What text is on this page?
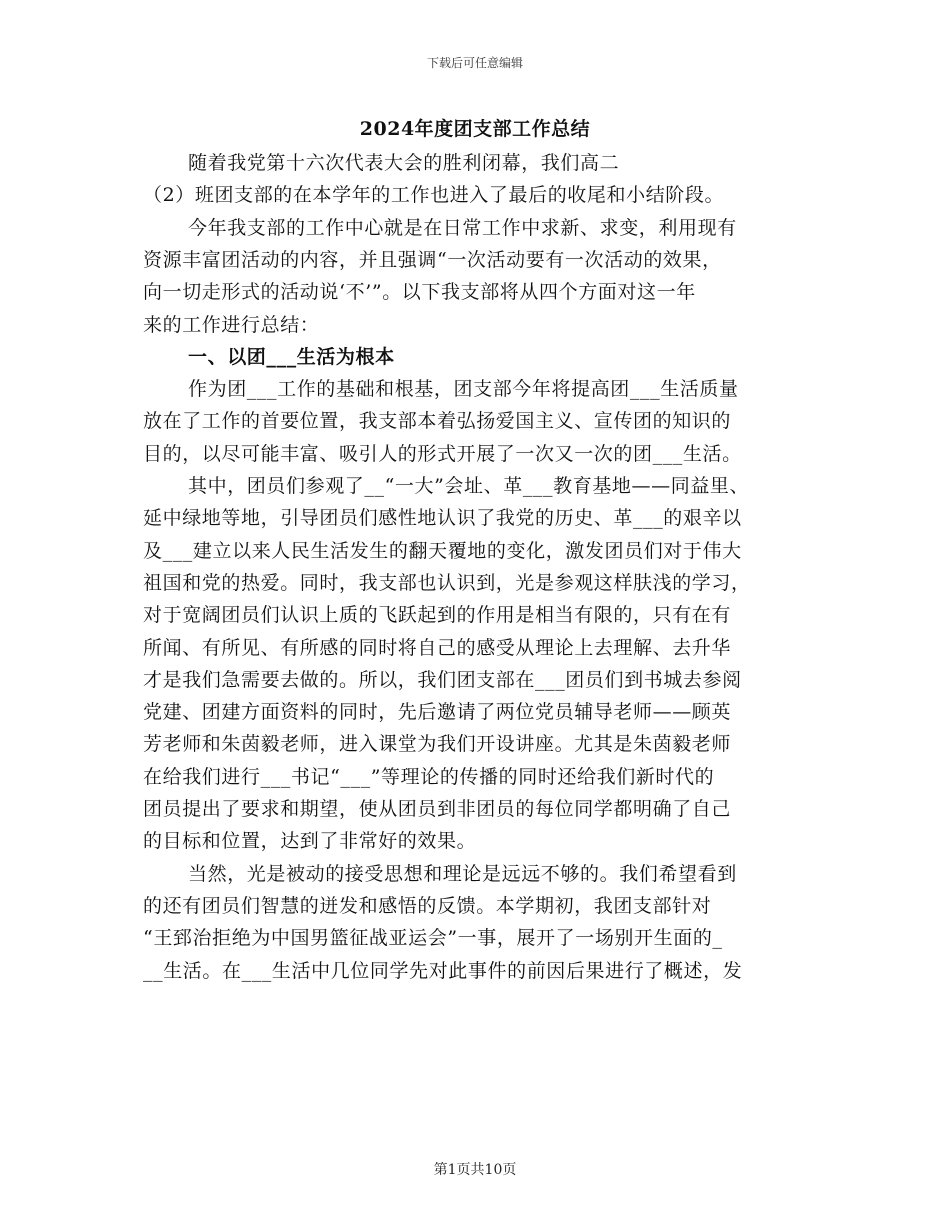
下载后可任意编辑
2024年度团支部工作总结
随着我党第十六次代表大会的胜利闭幕，我们高二
（2）班团支部的在本学年的工作也进入了最后的收尾和小结阶段。
今年我支部的工作中心就是在日常工作中求新、求变，利用现有
资源丰富团活动的内容，并且强调“一次活动要有一次活动的效果，
向一切走形式的活动说‘不’”。以下我支部将从四个方面对这一年
来的工作进行总结：
一、以团___生活为根本
作为团___工作的基础和根基，团支部今年将提高团___生活质量
放在了工作的首要位置，我支部本着弘扬爱国主义、宣传团的知识的
目的，以尽可能丰富、吸引人的形式开展了一次又一次的团___生活。
其中，团员们参观了__“一大”会址、革___教育基地——同益里、
延中绿地等地，引导团员们感性地认识了我党的历史、革___的艰辛以
及___建立以来人民生活发生的翻天覆地的变化，激发团员们对于伟大
祖国和党的热爱。同时，我支部也认识到，光是参观这样肤浅的学习，
对于宽阔团员们认识上质的飞跃起到的作用是相当有限的，只有在有
所闻、有所见、有所感的同时将自己的感受从理论上去理解、去升华
才是我们急需要去做的。所以，我们团支部在___团员们到书城去参阅
党建、团建方面资料的同时，先后邀请了两位党员辅导老师——顾英
芳老师和朱茵毅老师，进入课堂为我们开设讲座。尤其是朱茵毅老师
在给我们进行___书记“___”等理论的传播的同时还给我们新时代的
团员提出了要求和期望，使从团员到非团员的每位同学都明确了自己
的目标和位置，达到了非常好的效果。
当然，光是被动的接受思想和理论是远远不够的。我们希望看到
的还有团员们智慧的迸发和感悟的反馈。本学期初，我团支部针对
“王郅治拒绝为中国男篮征战亚运会”一事，展开了一场别开生面的_
__生活。在___生活中几位同学先对此事件的前因后果进行了概述，发
第1页共10页
